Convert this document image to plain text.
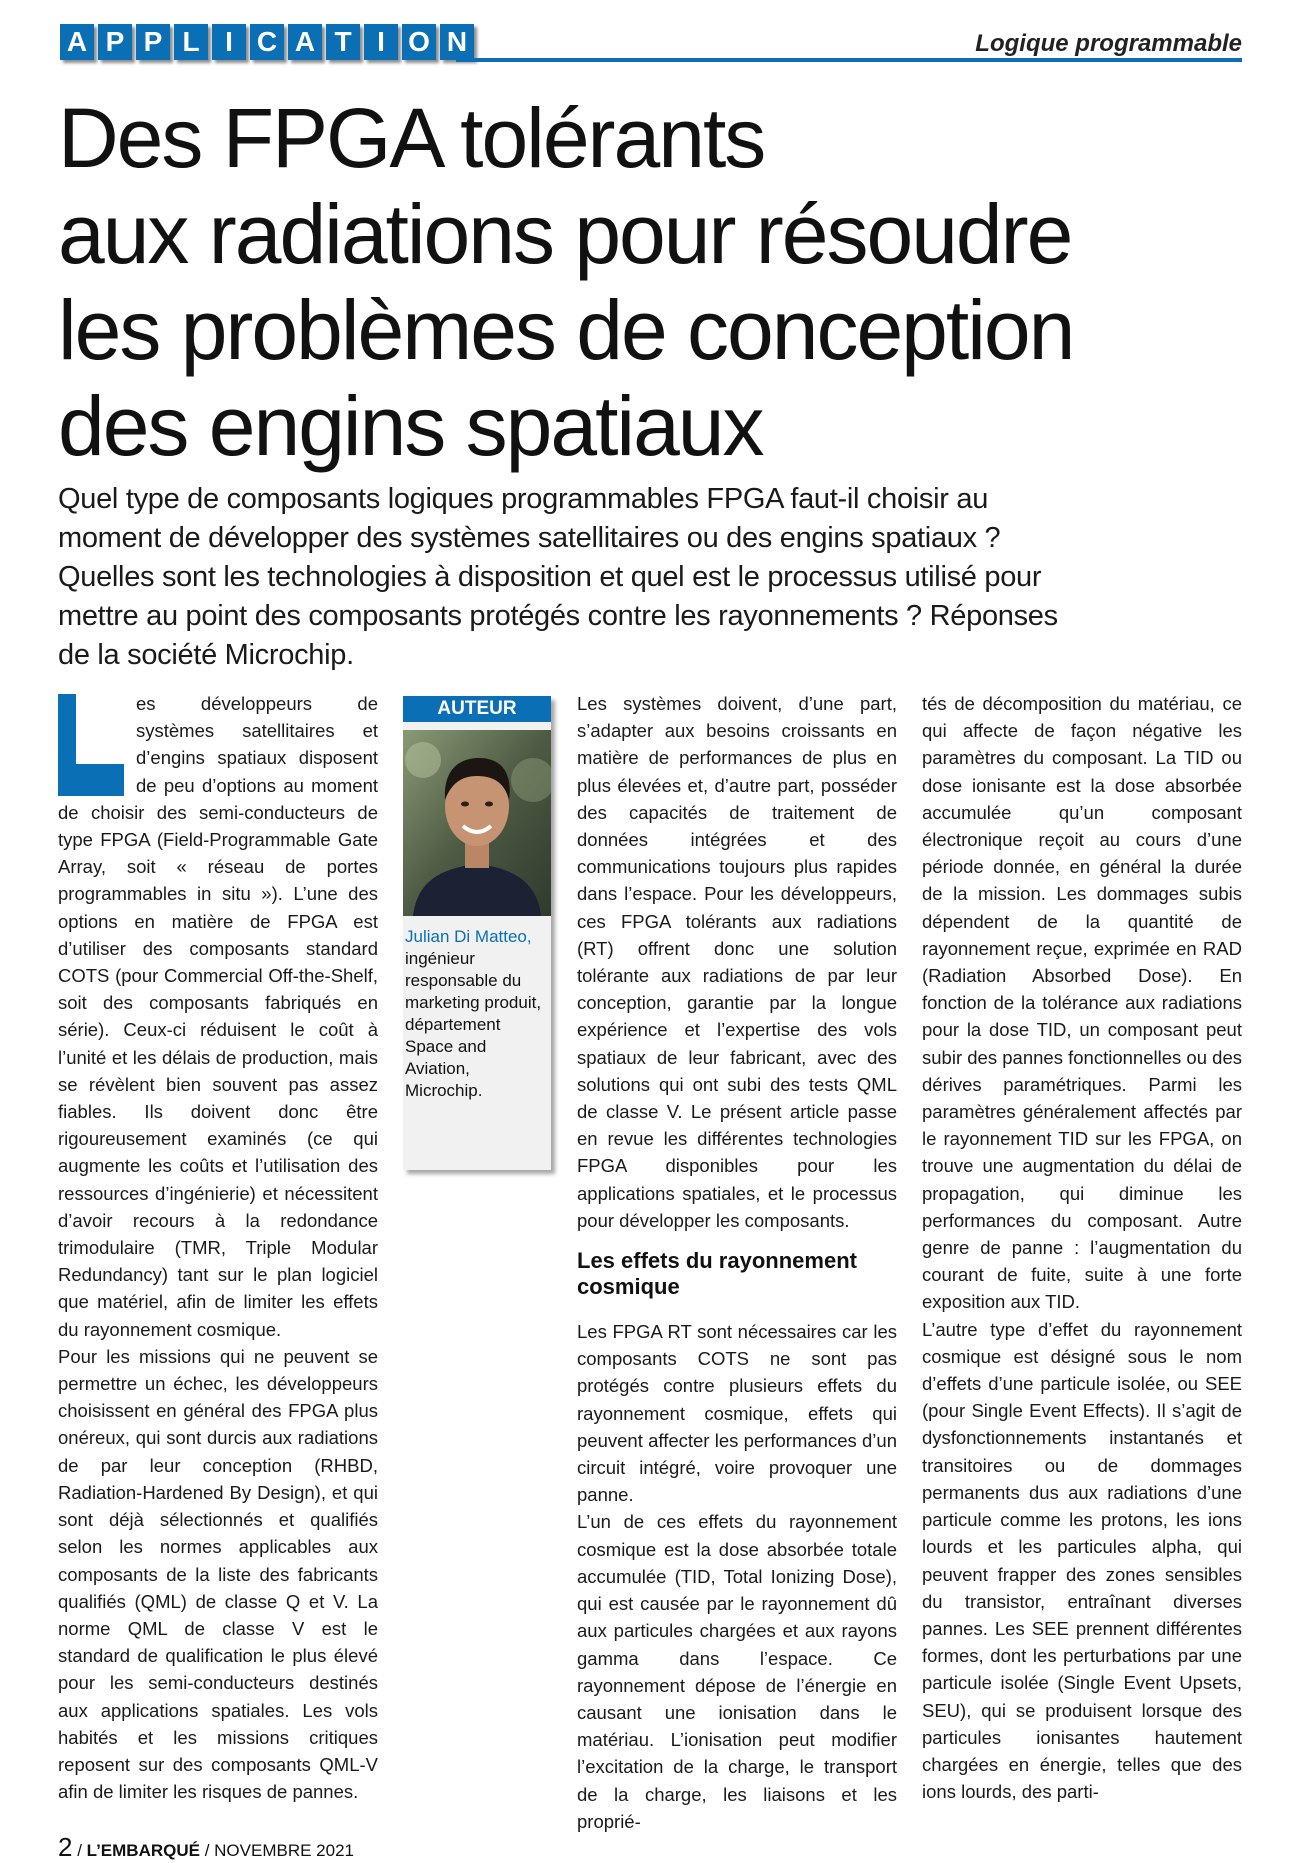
A P P L I C A T I O N	Logique programmable
Des FPGA tolérants
aux radiations pour résoudre
les problèmes de conception
des engins spatiaux
Quel type de composants logiques programmables FPGA faut-il choisir au moment de développer des systèmes satellitaires ou des engins spatiaux ? Quelles sont les technologies à disposition et quel est le processus utilisé pour mettre au point des composants protégés contre les rayonnements ? Réponses de la société Microchip.

es développeurs de systèmes satellitaires et d’engins spatiaux disposent de peu d’options au moment de choisir des semi-conducteurs de type FPGA (Field-Programmable Gate Array, soit « réseau de portes programmables in situ »). L’une des options en matière de FPGA est d’utiliser des composants standard COTS (pour Commercial Off-the-Shelf, soit des composants fabriqués en série). Ceux-ci réduisent le coût à l’unité et les délais de production, mais se révèlent bien souvent pas assez fiables. Ils doivent donc être rigoureusement examinés (ce qui augmente les coûts et l’utilisation des ressources d’ingénierie) et nécessitent d’avoir recours à la redondance trimodulaire (TMR, Triple Modular Redundancy) tant sur le plan logiciel que matériel, afin de limiter les effets du rayonnement cosmique.

Pour les missions qui ne peuvent se permettre un échec, les développeurs choisissent en général des FPGA plus onéreux, qui sont durcis aux radiations de par leur conception (RHBD, Radiation-Hardened By Design), et qui sont déjà sélectionnés et qualifiés selon les normes applicables aux composants de la liste des fabricants qualifiés (QML) de classe Q et V. La norme QML de classe V est le standard de qualification le plus élevé pour les semi-conducteurs destinés aux applications spatiales. Les vols habités et les missions critiques reposent sur des composants QML-V afin de limiter les risques de pannes.

AUTEUR
Julian Di Matteo,
ingénieur responsable du marketing produit, département Space and Aviation, Microchip.

Les systèmes doivent, d’une part, s’adapter aux besoins croissants en matière de performances de plus en plus élevées et, d’autre part, posséder des capacités de traitement de données intégrées et des communications toujours plus rapides dans l’espace. Pour les développeurs, ces FPGA tolérants aux radiations (RT) offrent donc une solution tolérante aux radiations de par leur conception, garantie par la longue expérience et l’expertise des vols spatiaux de leur fabricant, avec des solutions qui ont subi des tests QML de classe V. Le présent article passe en revue les différentes technologies FPGA disponibles pour les applications spatiales, et le processus pour développer les composants.

Les effets du rayonnement cosmique

Les FPGA RT sont nécessaires car les composants COTS ne sont pas protégés contre plusieurs effets du rayonnement cosmique, effets qui peuvent affecter les performances d’un circuit intégré, voire provoquer une panne.

L’un de ces effets du rayonnement cosmique est la dose absorbée totale accumulée (TID, Total Ionizing Dose), qui est causée par le rayonnement dû aux particules chargées et aux rayons gamma dans l’espace. Ce rayonnement dépose de l’énergie en causant une ionisation dans le matériau. L’ionisation peut modifier l’excitation de la charge, le transport de la charge, les liaisons et les proprié-

tés de décomposition du matériau, ce qui affecte de façon négative les paramètres du composant. La TID ou dose ionisante est la dose absorbée accumulée qu’un composant électronique reçoit au cours d’une période donnée, en général la durée de la mission. Les dommages subis dépendent de la quantité de rayonnement reçue, exprimée en RAD (Radiation Absorbed Dose). En fonction de la tolérance aux radiations pour la dose TID, un composant peut subir des pannes fonctionnelles ou des dérives paramétriques. Parmi les paramètres généralement affectés par le rayonnement TID sur les FPGA, on trouve une augmentation du délai de propagation, qui diminue les performances du composant. Autre genre de panne : l’augmentation du courant de fuite, suite à une forte exposition aux TID.

L’autre type d’effet du rayonnement cosmique est désigné sous le nom d’effets d’une particule isolée, ou SEE (pour Single Event Effects). Il s’agit de dysfonctionnements instantanés et transitoires ou de dommages permanents dus aux radiations d’une particule comme les protons, les ions lourds et les particules alpha, qui peuvent frapper des zones sensibles du transistor, entraînant diverses pannes. Les SEE prennent différentes formes, dont les perturbations par une particule isolée (Single Event Upsets, SEU), qui se produisent lorsque des particules ionisantes hautement chargées en énergie, telles que des ions lourds, des parti-

2 / L’EMBARQUÉ / NOVEMBRE 2021
